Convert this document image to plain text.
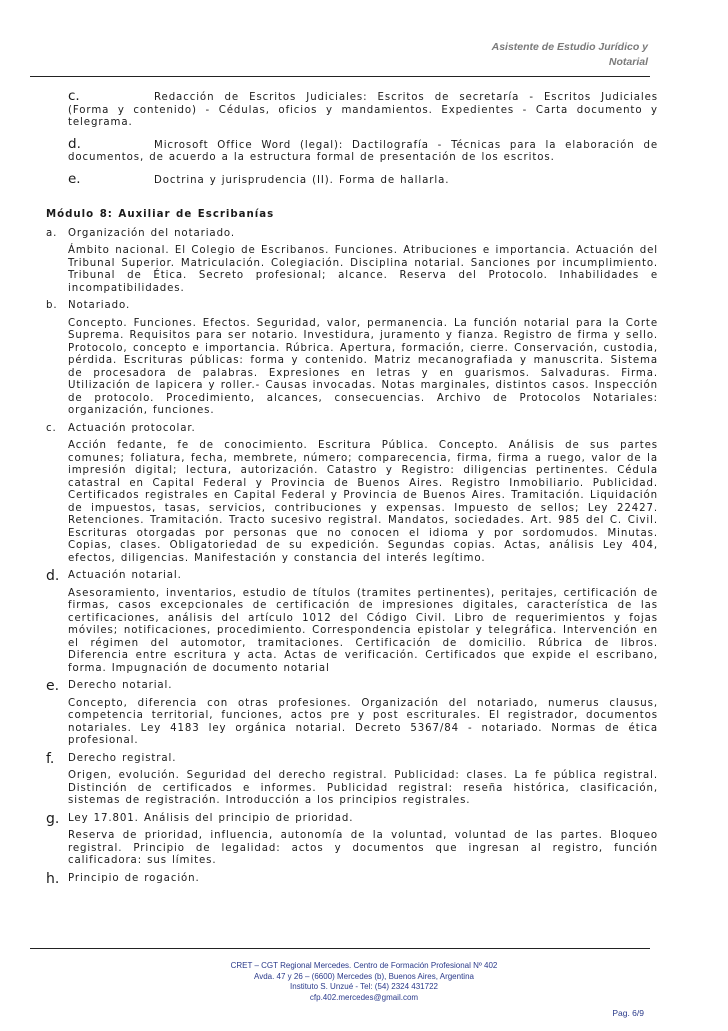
Asistente de Estudio Jurídico y
Notarial
c.	Redacción de Escritos Judiciales: Escritos de secretaría - Escritos Judiciales (Forma y contenido) - Cédulas, oficios y mandamientos. Expedientes - Carta documento y telegrama.
d.	Microsoft Office Word (legal): Dactilografía - Técnicas para la elaboración de documentos, de acuerdo a la estructura formal de presentación de los escritos.
e.	Doctrina y jurisprudencia (II). Forma de hallarla.
Módulo 8: Auxiliar de Escribanías
a.	Organización del notariado.
Ámbito nacional. El Colegio de Escribanos. Funciones. Atribuciones e importancia. Actuación del Tribunal Superior. Matriculación. Colegiación. Disciplina notarial. Sanciones por incumplimiento. Tribunal de Ética. Secreto profesional; alcance. Reserva del Protocolo. Inhabilidades e incompatibilidades.
b.	Notariado.
Concepto. Funciones. Efectos. Seguridad, valor, permanencia. La función notarial para la Corte Suprema. Requisitos para ser notario. Investidura, juramento y fianza. Registro de firma y sello. Protocolo, concepto e importancia. Rúbrica. Apertura, formación, cierre. Conservación, custodia, pérdida. Escrituras públicas: forma y contenido. Matriz mecanografiada y manuscrita. Sistema de procesadora de palabras. Expresiones en letras y en guarismos. Salvaduras. Firma. Utilización de lapicera y roller.- Causas invocadas. Notas marginales, distintos casos. Inspección de protocolo. Procedimiento, alcances, consecuencias. Archivo de Protocolos Notariales: organización, funciones.
c.	Actuación protocolar.
Acción fedante, fe de conocimiento. Escritura Pública. Concepto. Análisis de sus partes comunes; foliatura, fecha, membrete, número; comparecencia, firma, firma a ruego, valor de la impresión digital; lectura, autorización. Catastro y Registro: diligencias pertinentes. Cédula catastral en Capital Federal y Provincia de Buenos Aires. Registro Inmobiliario. Publicidad. Certificados registrales en Capital Federal y Provincia de Buenos Aires. Tramitación. Liquidación de impuestos, tasas, servicios, contribuciones y expensas. Impuesto de sellos; Ley 22427. Retenciones. Tramitación. Tracto sucesivo registral. Mandatos, sociedades. Art. 985 del C. Civil. Escrituras otorgadas por personas que no conocen el idioma y por sordomudos. Minutas. Copias, clases. Obligatoriedad de su expedición. Segundas copias. Actas, análisis Ley 404, efectos, diligencias. Manifestación y constancia del interés legítimo.
d. Actuación notarial.
Asesoramiento, inventarios, estudio de títulos (tramites pertinentes), peritajes, certificación de firmas, casos excepcionales de certificación de impresiones digitales, característica de las certificaciones, análisis del artículo 1012 del Código Civil. Libro de requerimientos y fojas móviles; notificaciones, procedimiento. Correspondencia epistolar y telegráfica. Intervención en el régimen del automotor, tramitaciones. Certificación de domicilio. Rúbrica de libros. Diferencia entre escritura y acta. Actas de verificación. Certificados que expide el escribano, forma. Impugnación de documento notarial
e. Derecho notarial.
Concepto, diferencia con otras profesiones. Organización del notariado, numerus clausus, competencia territorial, funciones, actos pre y post escriturales. El registrador, documentos notariales. Ley 4183 ley orgánica notarial. Decreto 5367/84 - notariado. Normas de ética profesional.
f.	Derecho registral.
Origen, evolución. Seguridad del derecho registral. Publicidad: clases. La fe pública registral. Distinción de certificados e informes. Publicidad registral: reseña histórica, clasificación, sistemas de registración. Introducción a los principios registrales.
g. Ley 17.801. Análisis del principio de prioridad.
Reserva de prioridad, influencia, autonomía de la voluntad, voluntad de las partes. Bloqueo registral. Principio de legalidad: actos y documentos que ingresan al registro, función calificadora: sus límites.
h. Principio de rogación.
CRET – CGT Regional Mercedes. Centro de Formación Profesional Nº 402
Avda. 47 y 26 – (6600) Mercedes (b), Buenos Aires, Argentina
Instituto S. Unzué - Tel: (54) 2324 431722
cfp.402.mercedes@gmail.com
Pag. 6/9
